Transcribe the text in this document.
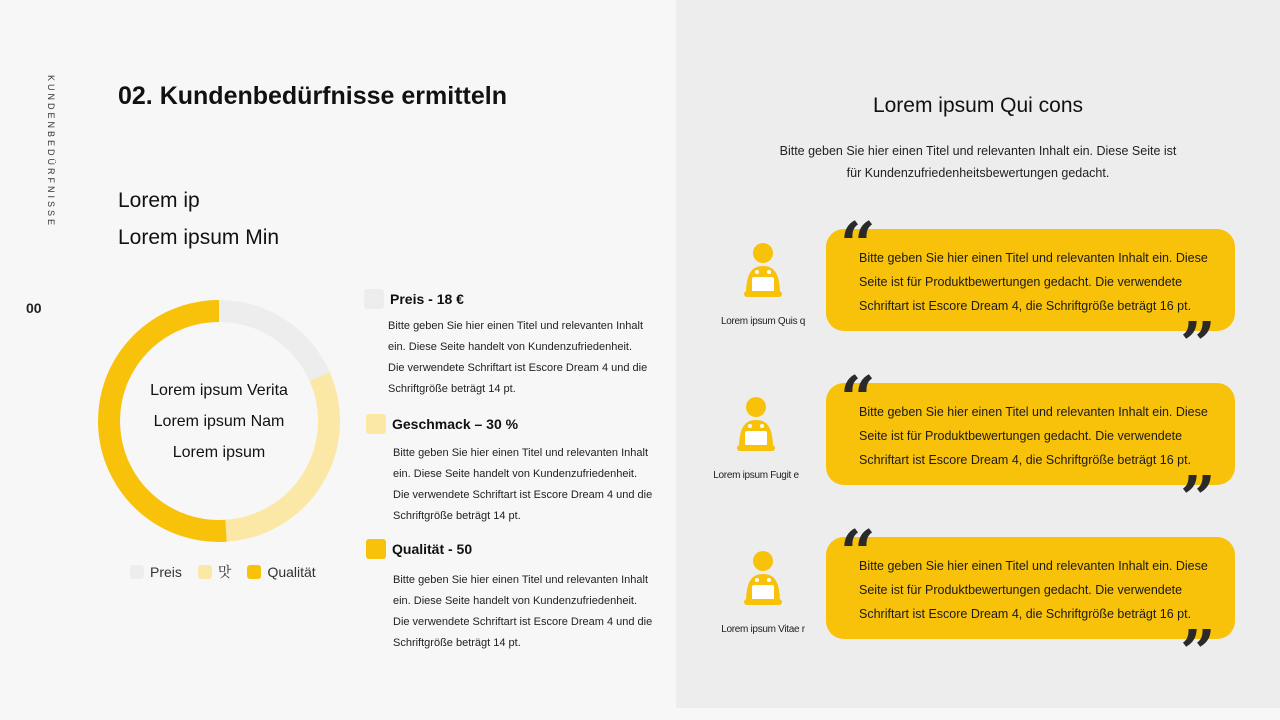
KUNDENBEDÜRFNISSE
00
02. Kundenbedürfnisse ermitteln
Lorem ip
Lorem ipsum Min
Lorem ipsum Verita
Lorem ipsum Nam
Lorem ipsum
Preis	맛	Qualität
Preis - 18 €
Bitte geben Sie hier einen Titel und relevanten Inhalt ein. Diese Seite handelt von Kundenzufriedenheit. Die verwendete Schriftart ist Escore Dream 4 und die Schriftgröße beträgt 14 pt.
Geschmack – 30 %
Bitte geben Sie hier einen Titel und relevanten Inhalt ein. Diese Seite handelt von Kundenzufriedenheit. Die verwendete Schriftart ist Escore Dream 4 und die Schriftgröße beträgt 14 pt.
Qualität - 50
Bitte geben Sie hier einen Titel und relevanten Inhalt ein. Diese Seite handelt von Kundenzufriedenheit. Die verwendete Schriftart ist Escore Dream 4 und die Schriftgröße beträgt 14 pt.
Lorem ipsum Qui cons
Bitte geben Sie hier einen Titel und relevanten Inhalt ein. Diese Seite ist für Kundenzufriedenheitsbewertungen gedacht.
Lorem ipsum Quis q
Bitte geben Sie hier einen Titel und relevanten Inhalt ein. Diese Seite ist für Produktbewertungen gedacht. Die verwendete Schriftart ist Escore Dream 4, die Schriftgröße beträgt 16 pt.
“
”
Lorem ipsum Fugit e
Bitte geben Sie hier einen Titel und relevanten Inhalt ein. Diese Seite ist für Produktbewertungen gedacht. Die verwendete Schriftart ist Escore Dream 4, die Schriftgröße beträgt 16 pt.
“
”
Lorem ipsum Vitae r
Bitte geben Sie hier einen Titel und relevanten Inhalt ein. Diese Seite ist für Produktbewertungen gedacht. Die verwendete Schriftart ist Escore Dream 4, die Schriftgröße beträgt 16 pt.
“
”
